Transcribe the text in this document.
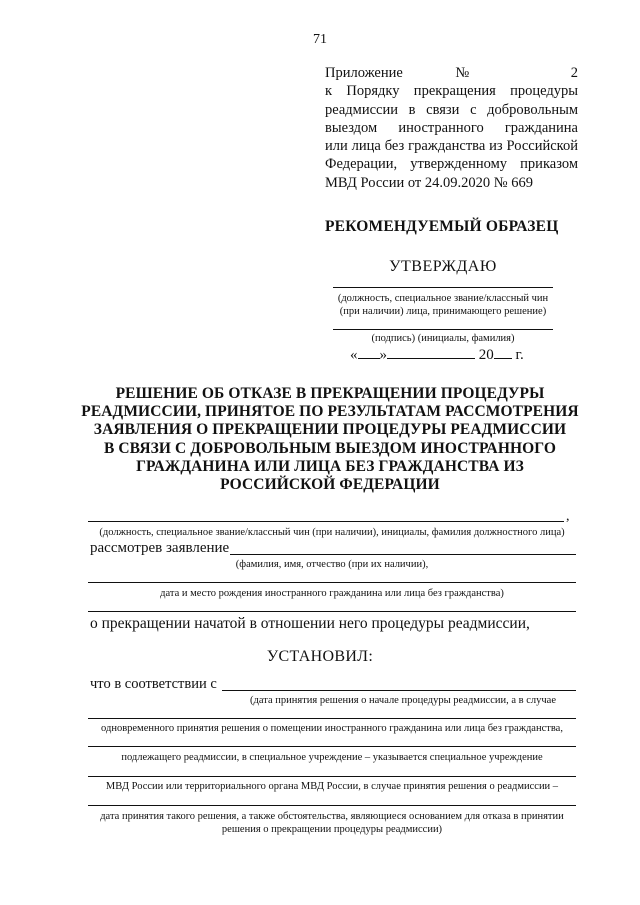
71
Приложение № 2
к Порядку прекращения процедуры
реадмиссии в связи с добровольным
выездом иностранного гражданина
или лица без гражданства из Российской
Федерации, утвержденному приказом
МВД России от 24.09.2020 № 669
РЕКОМЕНДУЕМЫЙ ОБРАЗЕЦ
УТВЕРЖДАЮ
(должность, специальное звание/классный чин
(при наличии) лица, принимающего решение)
(подпись) (инициалы, фамилия)
« »	20 г.
РЕШЕНИЕ ОБ ОТКАЗЕ В ПРЕКРАЩЕНИИ ПРОЦЕДУРЫ
РЕАДМИССИИ, ПРИНЯТОЕ ПО РЕЗУЛЬТАТАМ РАССМОТРЕНИЯ
ЗАЯВЛЕНИЯ О ПРЕКРАЩЕНИИ ПРОЦЕДУРЫ РЕАДМИССИИ
В СВЯЗИ С ДОБРОВОЛЬНЫМ ВЫЕЗДОМ ИНОСТРАННОГО
ГРАЖДАНИНА ИЛИ ЛИЦА БЕЗ ГРАЖДАНСТВА ИЗ
РОССИЙСКОЙ ФЕДЕРАЦИИ
,
(должность, специальное звание/классный чин (при наличии), инициалы, фамилия должностного лица)
рассмотрев заявление
(фамилия, имя, отчество (при их наличии),
дата и место рождения иностранного гражданина или лица без гражданства)
о прекращении начатой в отношении него процедуры реадмиссии,
УСТАНОВИЛ:
что в соответствии с
(дата принятия решения о начале процедуры реадмиссии, а в случае
одновременного принятия решения о помещении иностранного гражданина или лица без гражданства,
подлежащего реадмиссии, в специальное учреждение – указывается специальное учреждение
МВД России или территориального органа МВД России, в случае принятия решения о реадмиссии –
дата принятия такого решения, а также обстоятельства, являющиеся основанием для отказа в принятии
решения о прекращении процедуры реадмиссии)
